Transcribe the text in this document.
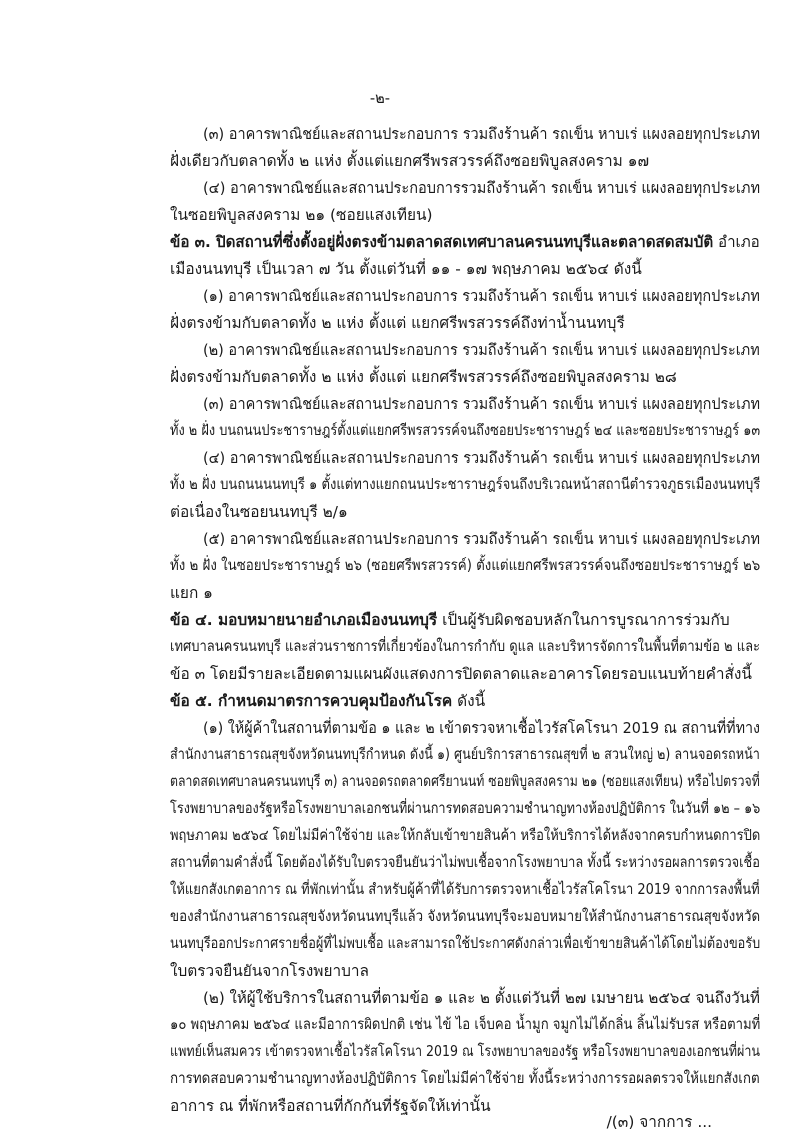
-๒-
(๓) อาคารพาณิชย์และสถานประกอบการ รวมถึงร้านค้า รถเข็น หาบเร่ แผงลอยทุกประเภท
ฝั่งเดียวกับตลาดทั้ง ๒ แห่ง ตั้งแต่แยกศรีพรสวรรค์ถึงซอยพิบูลสงคราม ๑๗
(๔) อาคารพาณิชย์และสถานประกอบการรวมถึงร้านค้า รถเข็น หาบเร่ แผงลอยทุกประเภท
ในซอยพิบูลสงคราม ๒๑ (ซอยแสงเทียน)
ข้อ ๓. ปิดสถานที่ซึ่งตั้งอยู่ฝั่งตรงข้ามตลาดสดเทศบาลนครนนทบุรีและตลาดสดสมบัติ อำเภอ
เมืองนนทบุรี เป็นเวลา ๗ วัน ตั้งแต่วันที่ ๑๑ - ๑๗ พฤษภาคม ๒๕๖๔ ดังนี้
(๑) อาคารพาณิชย์และสถานประกอบการ รวมถึงร้านค้า รถเข็น หาบเร่ แผงลอยทุกประเภท
ฝั่งตรงข้ามกับตลาดทั้ง ๒ แห่ง ตั้งแต่ แยกศรีพรสวรรค์ถึงท่าน้ำนนทบุรี
(๒) อาคารพาณิชย์และสถานประกอบการ รวมถึงร้านค้า รถเข็น หาบเร่ แผงลอยทุกประเภท
ฝั่งตรงข้ามกับตลาดทั้ง ๒ แห่ง ตั้งแต่ แยกศรีพรสวรรค์ถึงซอยพิบูลสงคราม ๒๘
(๓) อาคารพาณิชย์และสถานประกอบการ รวมถึงร้านค้า รถเข็น หาบเร่ แผงลอยทุกประเภท
ทั้ง ๒ ฝั่ง บนถนนประชาราษฎร์ตั้งแต่แยกศรีพรสวรรค์จนถึงซอยประชาราษฎร์ ๒๔ และซอยประชาราษฎร์ ๑๓
(๔) อาคารพาณิชย์และสถานประกอบการ รวมถึงร้านค้า รถเข็น หาบเร่ แผงลอยทุกประเภท
ทั้ง ๒ ฝั่ง บนถนนนนทบุรี ๑ ตั้งแต่ทางแยกถนนประชาราษฎร์จนถึงบริเวณหน้าสถานีตำรวจภูธรเมืองนนทบุรี
ต่อเนื่องในซอยนนทบุรี ๒/๑
(๕) อาคารพาณิชย์และสถานประกอบการ รวมถึงร้านค้า รถเข็น หาบเร่ แผงลอยทุกประเภท
ทั้ง ๒ ฝั่ง ในซอยประชาราษฎร์ ๒๖ (ซอยศรีพรสวรรค์) ตั้งแต่แยกศรีพรสวรรค์จนถึงซอยประชาราษฎร์ ๒๖
แยก ๑
ข้อ ๔. มอบหมายนายอำเภอเมืองนนทบุรี เป็นผู้รับผิดชอบหลักในการบูรณาการร่วมกับ
เทศบาลนครนนทบุรี และส่วนราชการที่เกี่ยวข้องในการกำกับ ดูแล และบริหารจัดการในพื้นที่ตามข้อ ๒ และ
ข้อ ๓ โดยมีรายละเอียดตามแผนผังแสดงการปิดตลาดและอาคารโดยรอบแนบท้ายคำสั่งนี้
ข้อ ๕. กำหนดมาตรการควบคุมป้องกันโรค ดังนี้
(๑) ให้ผู้ค้าในสถานที่ตามข้อ ๑ และ ๒ เข้าตรวจหาเชื้อไวรัสโคโรนา 2019 ณ สถานที่ที่ทาง
สำนักงานสาธารณสุขจังหวัดนนทบุรีกำหนด ดังนี้ ๑) ศูนย์บริการสาธารณสุขที่ ๒ สวนใหญ่ ๒) ลานจอดรถหน้า
ตลาดสดเทศบาลนครนนทบุรี ๓) ลานจอดรถตลาดศรียานนท์ ซอยพิบูลสงคราม ๒๑ (ซอยแสงเทียน) หรือไปตรวจที่
โรงพยาบาลของรัฐหรือโรงพยาบาลเอกชนที่ผ่านการทดสอบความชำนาญทางห้องปฏิบัติการ ในวันที่ ๑๒ – ๑๖
พฤษภาคม ๒๕๖๔ โดยไม่มีค่าใช้จ่าย และให้กลับเข้าขายสินค้า หรือให้บริการได้หลังจากครบกำหนดการปิด
สถานที่ตามคำสั่งนี้ โดยต้องได้รับใบตรวจยืนยันว่าไม่พบเชื้อจากโรงพยาบาล ทั้งนี้ ระหว่างรอผลการตรวจเชื้อ
ให้แยกสังเกตอาการ ณ ที่พักเท่านั้น สำหรับผู้ค้าที่ได้รับการตรวจหาเชื้อไวรัสโคโรนา 2019 จากการลงพื้นที่
ของสำนักงานสาธารณสุขจังหวัดนนทบุรีแล้ว จังหวัดนนทบุรีจะมอบหมายให้สำนักงานสาธารณสุขจังหวัด
นนทบุรีออกประกาศรายชื่อผู้ที่ไม่พบเชื้อ และสามารถใช้ประกาศดังกล่าวเพื่อเข้าขายสินค้าได้โดยไม่ต้องขอรับ
ใบตรวจยืนยันจากโรงพยาบาล
(๒) ให้ผู้ใช้บริการในสถานที่ตามข้อ ๑ และ ๒ ตั้งแต่วันที่ ๒๗ เมษายน ๒๕๖๔ จนถึงวันที่
๑๐ พฤษภาคม ๒๕๖๔ และมีอาการผิดปกติ เช่น ไข้ ไอ เจ็บคอ น้ำมูก จมูกไม่ได้กลิ่น ลิ้นไม่รับรส หรือตามที่
แพทย์เห็นสมควร เข้าตรวจหาเชื้อไวรัสโคโรนา 2019 ณ โรงพยาบาลของรัฐ หรือโรงพยาบาลของเอกชนที่ผ่าน
การทดสอบความชำนาญทางห้องปฏิบัติการ โดยไม่มีค่าใช้จ่าย ทั้งนี้ระหว่างการรอผลตรวจให้แยกสังเกต
อาการ ณ ที่พักหรือสถานที่กักกันที่รัฐจัดให้เท่านั้น
/(๓) จากการ ...
